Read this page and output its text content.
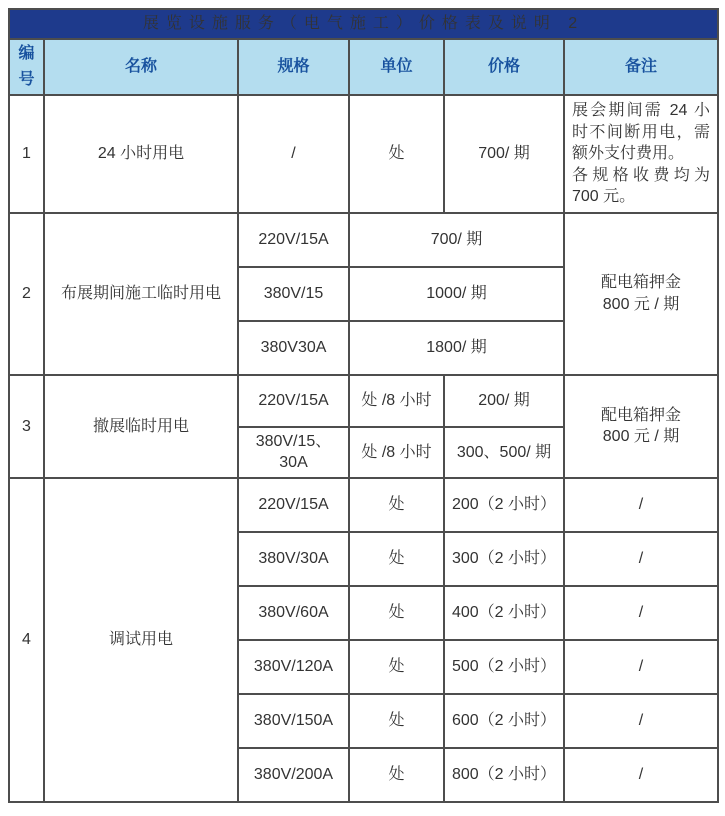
展览设施服务（电气施工）价格表及说明 2					
编号	名称	规格	单位	价格	备注
1	24 小时用电	/	处	700/ 期	展会期间需 24 小时不间断用电，需额外支付费用。
各规格收费均为 700 元。

2	布展期间施工临时用电	220V/15A	700/ 期		配电箱押金
800 元 / 期

		380V/15	1000/ 期		
		380V30A	1800/ 期		
3	撤展临时用电	220V/15A	处 /8 小时	200/ 期	配电箱押金
800 元 / 期

		380V/15、30A	处 /8 小时	300、500/ 期	
4	调试用电	220V/15A	处	200（2 小时）	/
		380V/30A	处	300（2 小时）	/
		380V/60A	处	400（2 小时）	/
		380V/120A	处	500（2 小时）	/
		380V/150A	处	600（2 小时）	/
		380V/200A	处	800（2 小时）	/
